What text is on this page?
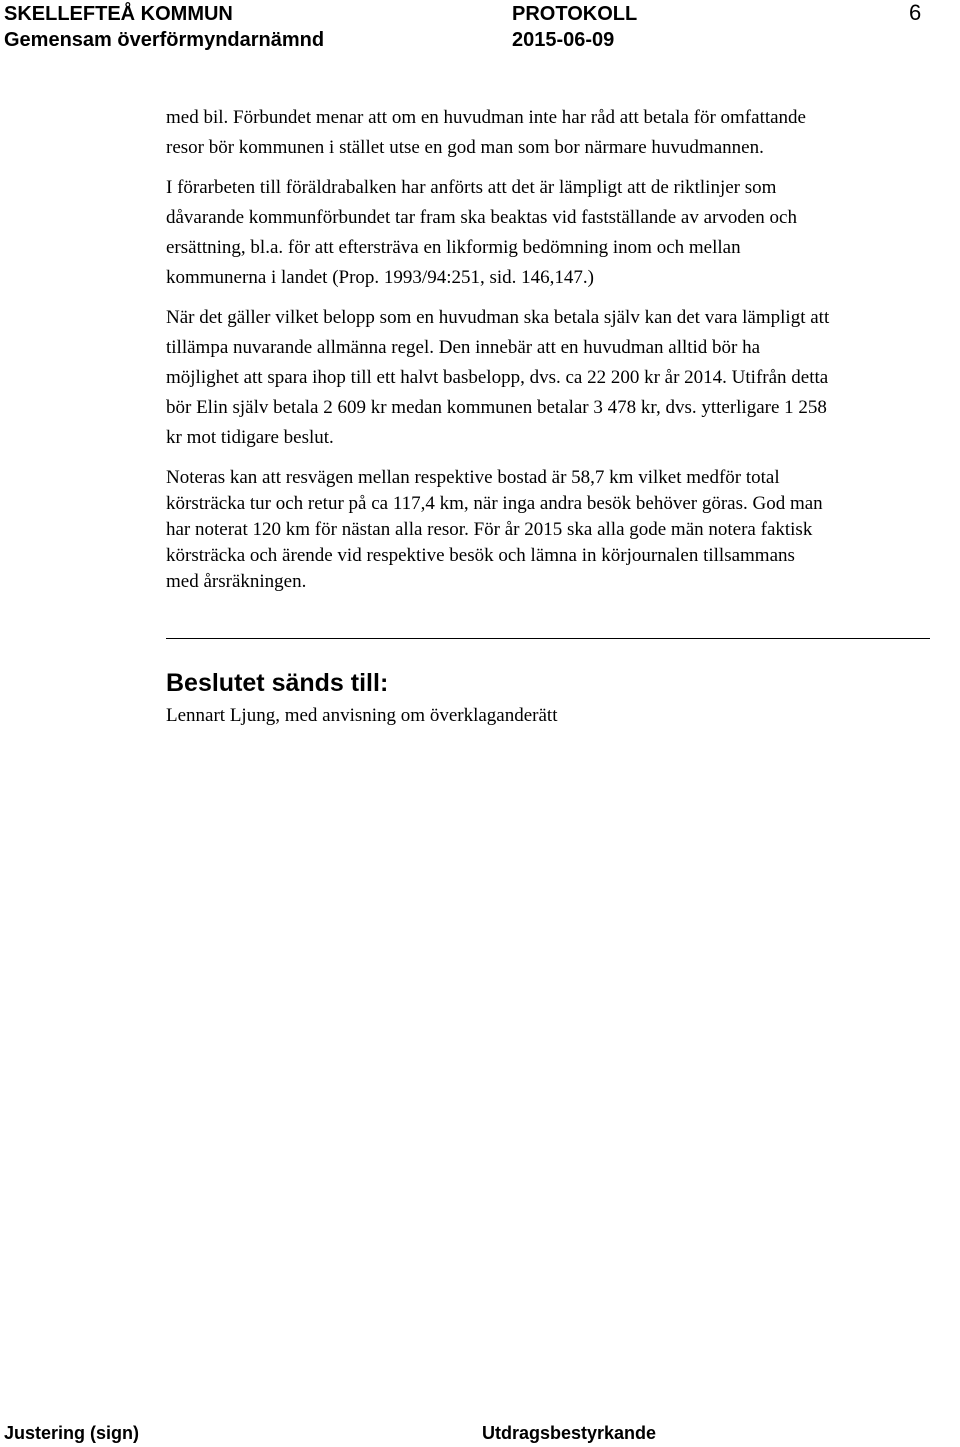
SKELLEFTEÅ KOMMUN
Gemensam överförmyndarnämnd
PROTOKOLL
2015-06-09
6

med bil. Förbundet menar att om en huvudman inte har råd att betala för omfattande

resor bör kommunen i stället utse en god man som bor närmare huvudmannen.

I förarbeten till föräldrabalken har anförts att det är lämpligt att de riktlinjer som

dåvarande kommunförbundet tar fram ska beaktas vid fastställande av arvoden och

ersättning, bl.a. för att eftersträva en likformig bedömning inom och mellan

kommunerna i landet (Prop. 1993/94:251, sid. 146,147.)

När det gäller vilket belopp som en huvudman ska betala själv kan det vara lämpligt att

tillämpa nuvarande allmänna regel. Den innebär att en huvudman alltid bör ha

möjlighet att spara ihop till ett halvt basbelopp, dvs. ca 22 200 kr år 2014. Utifrån detta

bör Elin själv betala 2 609 kr medan kommunen betalar 3 478 kr, dvs. ytterligare 1 258

kr mot tidigare beslut.

Noteras kan att resvägen mellan respektive bostad är 58,7 km vilket medför total

körsträcka tur och retur på ca 117,4 km, när inga andra besök behöver göras. God man

har noterat 120 km för nästan alla resor. För år 2015 ska alla gode män notera faktisk

körsträcka och ärende vid respektive besök och lämna in körjournalen tillsammans

med årsräkningen.

Beslutet sänds till:
Lennart Ljung, med anvisning om överklaganderätt
Justering (sign)	Utdragsbestyrkande
